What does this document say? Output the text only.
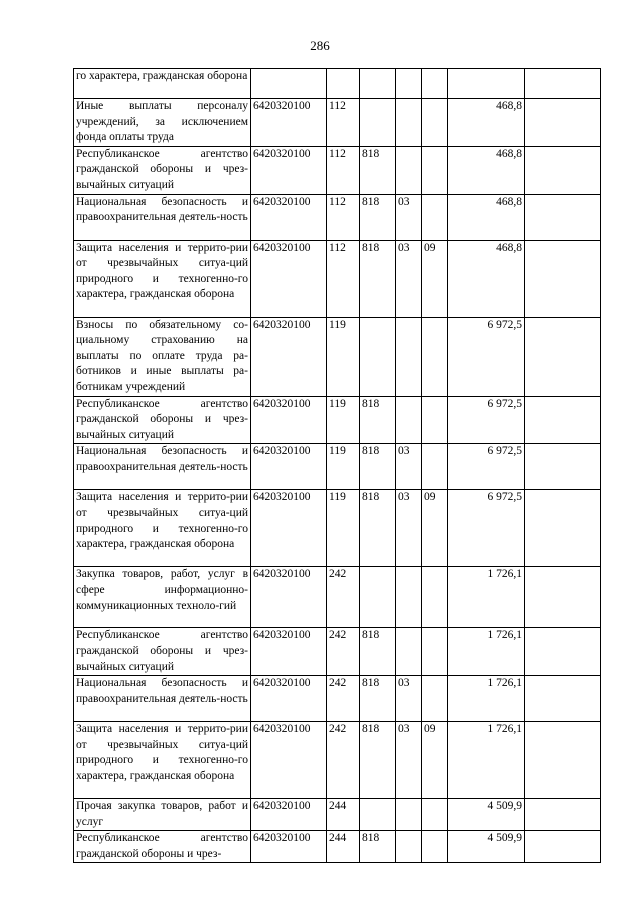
286
го характера, гражданская оборона							
Иные выплаты персоналу учреждений, за исключением фонда оплаты труда	6420320100	112				468,8	
Республиканское агентство гражданской обороны и чрез-вычайных ситуаций	6420320100	112	818			468,8	
Национальная безопасность и правоохранительная деятель-ность	6420320100	112	818	03		468,8	
Защита населения и террито-рии от чрезвычайных ситуа-ций природного и техногенно-го характера, гражданская оборона	6420320100	112	818	03	09	468,8	
Взносы по обязательному со-циальному страхованию на выплаты по оплате труда ра-ботников и иные выплаты ра-ботникам учреждений	6420320100	119				6 972,5	
Республиканское агентство гражданской обороны и чрез-вычайных ситуаций	6420320100	119	818			6 972,5	
Национальная безопасность и правоохранительная деятель-ность	6420320100	119	818	03		6 972,5	
Защита населения и террито-рии от чрезвычайных ситуа-ций природного и техногенно-го характера, гражданская оборона	6420320100	119	818	03	09	6 972,5	
Закупка товаров, работ, услуг в сфере информационно-коммуникационных техноло-гий	6420320100	242				1 726,1	
Республиканское агентство гражданской обороны и чрез-вычайных ситуаций	6420320100	242	818			1 726,1	
Национальная безопасность и правоохранительная деятель-ность	6420320100	242	818	03		1 726,1	
Защита населения и террито-рии от чрезвычайных ситуа-ций природного и техногенно-го характера, гражданская оборона	6420320100	242	818	03	09	1 726,1	
Прочая закупка товаров, работ и услуг	6420320100	244				4 509,9	
Республиканское агентство гражданской обороны и чрез-	6420320100	244	818			4 509,9	
